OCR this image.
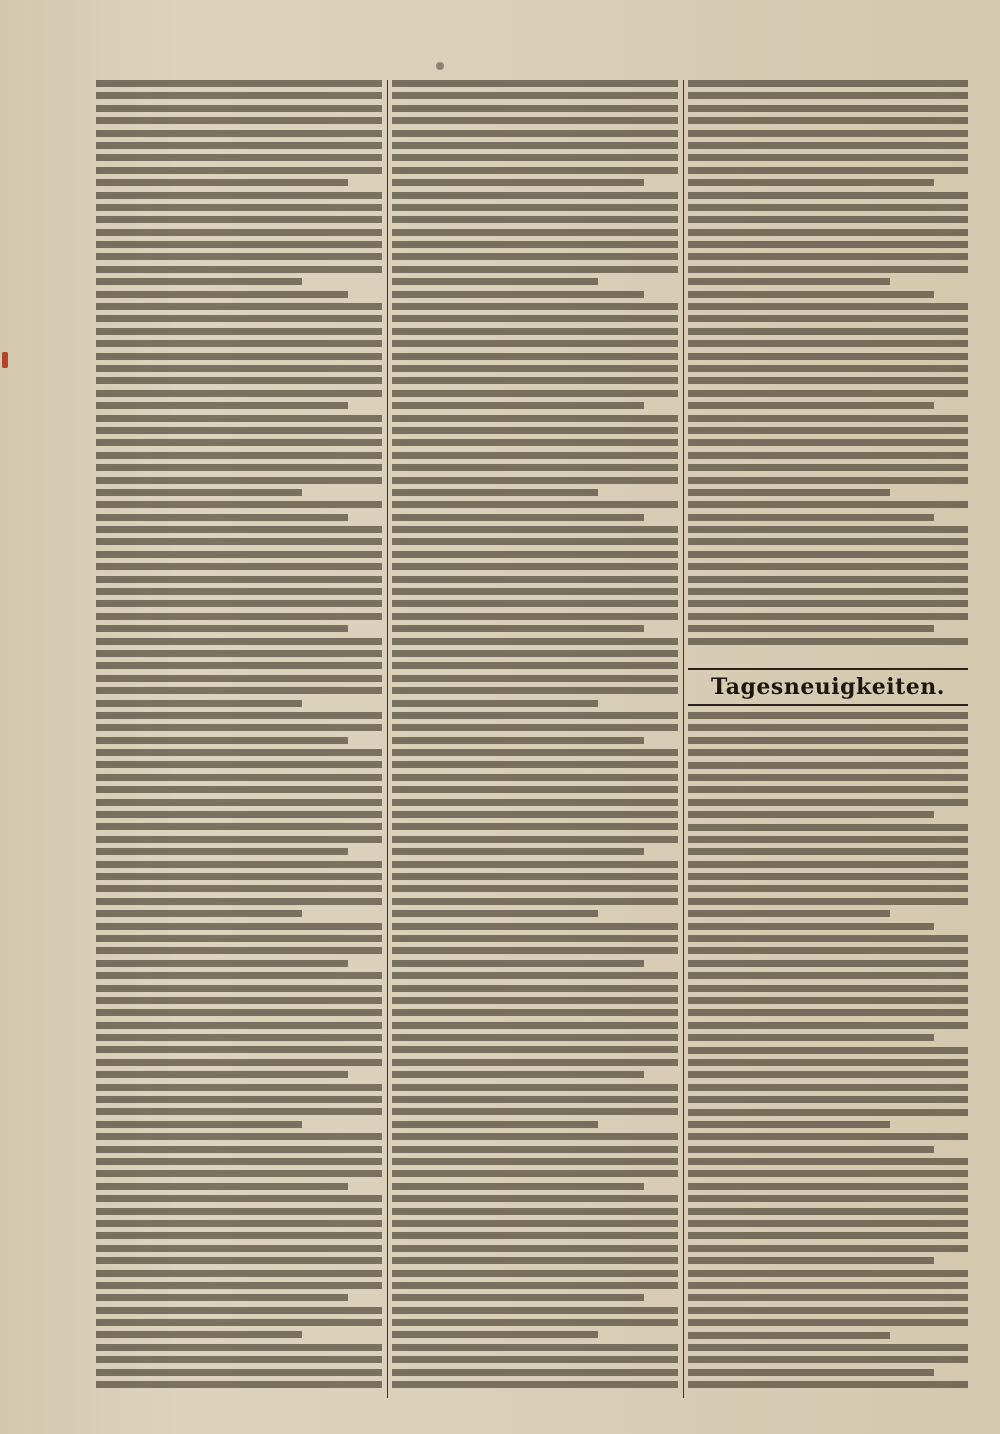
Tagesneuigkeiten.
